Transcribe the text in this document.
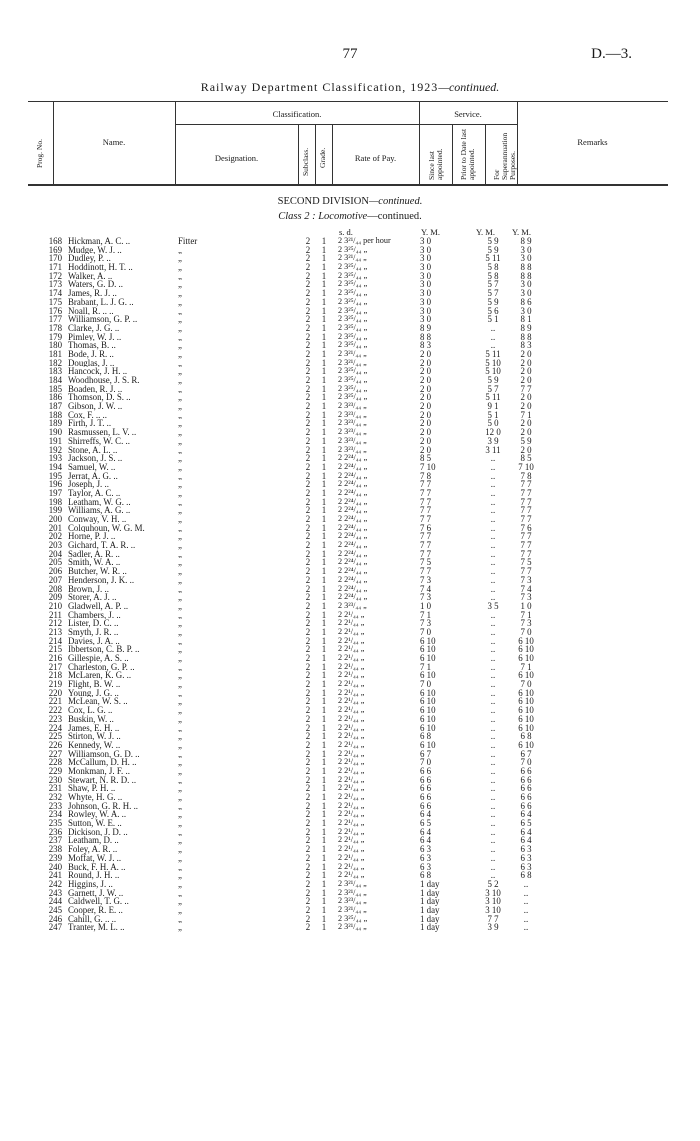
77	D.—3.
Railway Department Classification, 1923—continued.
Prog. No.	Name.
Classification.
Designation.	Subclass. Grade.	Rate of Pay.
Service.
Since last appointed. Prior to Date last appointed. For Superannuation Purposes.
Remarks
SECOND DIVISION—continued.
Class 2 : Locomotive—continued.
s. d.	Y. M.	Y. M. Y. M.
168 Hickman, A. C. ..	Fitter	2	1	2 3²¹/₄₄ per hour	3 0	5 9	8 9
169 Mudge, W. J. ..	„	2	1	2 3²⁵/₄₄ „	3 0	5 9	3 0
170 Dudley, P. ..	„	2	1	2 3²¹/₄₄ „	3 0	5 11	3 0
171 Hoddinott, H. T. ..	„	2	1	2 3²⁵/₄₄ „	3 0	5 8	8 8
172 Walker, A. ..	„	2	1	2 3²⁵/₄₄ „	3 0	5 8	8 8
173 Waters, G. D. ..	„	2	1	2 3²⁵/₄₄ „	3 0	5 7	3 0
174 James, R. J. ..	„	2	1	2 3²⁵/₄₄ „	3 0	5 7	3 0
175 Brabant, L. J. G. ..	„	2	1	2 3²⁵/₄₄ „	3 0	5 9	8 6
176 Noall, R. .. ..	„	2	1	2 3²⁵/₄₄ „	3 0	5 6	3 0
177 Williamson, G. P. ..	„	2	1	2 3²⁵/₄₄ „	3 0	5 1	8 1
178 Clarke, J. G. ..	„	2	1	2 3²⁵/₄₄ „	8 9	..	8 9
179 Pimley, W. J. ..	„	2	1	2 3²⁵/₄₄ „	8 8	..	8 8
180 Thomas, B. ..	„	2	1	2 3²⁵/₄₄ „	8 3	..	8 3
181 Bode, J. R. ..	„	2	1	2 3²¹/₄₄ „	2 0	5 11	2 0
182 Douglas, J. ..	„	2	1	2 3²¹/₄₄ „	2 0	5 10	2 0
183 Hancock, J. H. ..	„	2	1	2 3²⁵/₄₄ „	2 0	5 10	2 0
184 Woodhouse, J. S. R.	„	2	1	2 3²⁵/₄₄ „	2 0	5 9	2 0
185 Boaden, R. J. ..	„	2	1	2 3²⁵/₄₄ „	2 0	5 7	7 7
186 Thomson, D. S. ..	„	2	1	2 3²⁵/₄₄ „	2 0	5 11	2 0
187 Gibson, J. W. ..	„	2	1	2 3²³/₄₄ „	2 0	9 1	2 0
188 Cox, F. .. ..	„	2	1	2 3²³/₄₄ „	2 0	5 1	7 1
189 Firth, J. T. ..	„	2	1	2 3²³/₄₄ „	2 0	5 0	2 0
190 Rasmussen, L. V. ..	„	2	1	2 3²³/₄₄ „	2 0	12 0	2 0
191 Shirreffs, W. C. ..	„	2	1	2 3²³/₄₄ „	2 0	3 9	5 9
192 Stone, A. L. ..	„	2	1	2 3²³/₄₄ „	2 0	3 11	2 0
193 Jackson, J. S. ..	„	2	1	2 2²⁴/₄₄ „	8 5	..	8 5
194 Samuel, W. ..	„	2	1	2 2²⁴/₄₄ „	7 10	..	7 10
195 Jerrat, A. G. ..	„	2	1	2 2²⁴/₄₄ „	7 8	..	7 8
196 Joseph, J. ..	„	2	1	2 2²⁴/₄₄ „	7 7	..	7 7
197 Taylor, A. C. ..	„	2	1	2 2²⁴/₄₄ „	7 7	..	7 7
198 Leatham, W. G. ..	„	2	1	2 2²⁴/₄₄ „	7 7	..	7 7
199 Williams, A. G. ..	„	2	1	2 2²⁴/₄₄ „	7 7	..	7 7
200 Conway, V. H. ..	„	2	1	2 2²⁴/₄₄ „	7 7	..	7 7
201 Colquhoun, W. G. M.	„	2	1	2 2²⁴/₄₄ „	7 6	..	7 6
202 Horne, P. J. ..	„	2	1	2 2²⁴/₄₄ „	7 7	..	7 7
203 Gichard, T. A. R. ..	„	2	1	2 2²⁴/₄₄ „	7 7	..	7 7
204 Sadler, A. R. ..	„	2	1	2 2²⁴/₄₄ „	7 7	..	7 7
205 Smith, W. A. ..	„	2	1	2 2²⁴/₄₄ „	7 5	..	7 5
206 Butcher, W. R. ..	„	2	1	2 2²⁴/₄₄ „	7 7	..	7 7
207 Henderson, J. K. ..	„	2	1	2 2²⁴/₄₄ „	7 3	..	7 3
208 Brown, J. ..	„	2	1	2 2²⁴/₄₄ „	7 4	..	7 4
209 Storer, A. J. ..	„	2	1	2 2²⁴/₄₄ „	7 3	..	7 3
210 Gladwell, A. P. ..	„	2	1	2 3²³/₄₄ „	1 0	3 5	1 0
211 Chambers, J. ..	„	2	1	2 2¹/₄₄ „	7 1	..	7 1
212 Lister, D. C. ..	„	2	1	2 2¹/₄₄ „	7 3	..	7 3
213 Smyth, J. R. ..	„	2	1	2 2¹/₄₄ „	7 0	..	7 0
214 Davies, J. A. ..	„	2	1	2 2¹/₄₄ „	6 10	..	6 10
215 Ibbertson, C. B. P. ..	„	2	1	2 2¹/₄₄ „	6 10	..	6 10
216 Gillespie, A. S. ..	„	2	1	2 2¹/₄₄ „	6 10	..	6 10
217 Charleston, G. P. ..	„	2	1	2 2¹/₄₄ „	7 1	..	7 1
218 McLaren, K. G. ..	„	2	1	2 2¹/₄₄ „	6 10	..	6 10
219 Flight, B. W. ..	„	2	1	2 2¹/₄₄ „	7 0	..	7 0
220 Young, J. G. ..	„	2	1	2 2¹/₄₄ „	6 10	..	6 10
221 McLean, W. S. ..	„	2	1	2 2¹/₄₄ „	6 10	..	6 10
222 Cox, L. G. ..	„	2	1	2 2¹/₄₄ „	6 10	..	6 10
223 Buskin, W. ..	„	2	1	2 2¹/₄₄ „	6 10	..	6 10
224 James, E. H. ..	„	2	1	2 2¹/₄₄ „	6 10	..	6 10
225 Stirton, W. J. ..	„	2	1	2 2¹/₄₄ „	6 8	..	6 8
226 Kennedy, W. ..	„	2	1	2 2¹/₄₄ „	6 10	..	6 10
227 Williamson, G. D. ..	„	2	1	2 2¹/₄₄ „	6 7	..	6 7
228 McCallum, D. H. ..	„	2	1	2 2¹/₄₄ „	7 0	..	7 0
229 Monkman, J. F. ..	„	2	1	2 2¹/₄₄ „	6 6	..	6 6
230 Stewart, N. R. D. ..	„	2	1	2 2¹/₄₄ „	6 6	..	6 6
231 Shaw, P. H. ..	„	2	1	2 2¹/₄₄ „	6 6	..	6 6
232 Whyte, H. G. ..	„	2	1	2 2¹/₄₄ „	6 6	..	6 6
233 Johnson, G. R. H. ..	„	2	1	2 2¹/₄₄ „	6 6	..	6 6
234 Rowley, W. A. ..	„	2	1	2 2¹/₄₄ „	6 4	..	6 4
235 Sutton, W. E. ..	„	2	1	2 2¹/₄₄ „	6 5	..	6 5
236 Dickison, J. D. ..	„	2	1	2 2¹/₄₄ „	6 4	..	6 4
237 Leatham, D. ..	„	2	1	2 2¹/₄₄ „	6 4	..	6 4
238 Foley, A. R. ..	„	2	1	2 2¹/₄₄ „	6 3	..	6 3
239 Moffat, W. J. ..	„	2	1	2 2¹/₄₄ „	6 3	..	6 3
240 Buck, F. H. A. ..	„	2	1	2 2¹/₄₄ „	6 3	..	6 3
241 Round, J. H. ..	„	2	1	2 2¹/₄₄ „	6 8	..	6 8
242 Higgins, J. ..	„	2	1	2 3²¹/₄₄ „	1 day	5 2	..
243 Garnett, J. W. ..	„	2	1	2 3²¹/₄₄ „	1 day	3 10	..
244 Caldwell, T. G. ..	„	2	1	2 3²³/₄₄ „	1 day	3 10	..
245 Cooper, R. E. ..	„	2	1	2 3²¹/₄₄ „	1 day	3 10	..
246 Cahill, G. .. ..	„	2	1	2 3²⁵/₄₄ „	1 day	7 7	..
247 Tranter, M. L. ..	„	2	1	2 3²¹/₄₄ „	1 day	3 9	..
